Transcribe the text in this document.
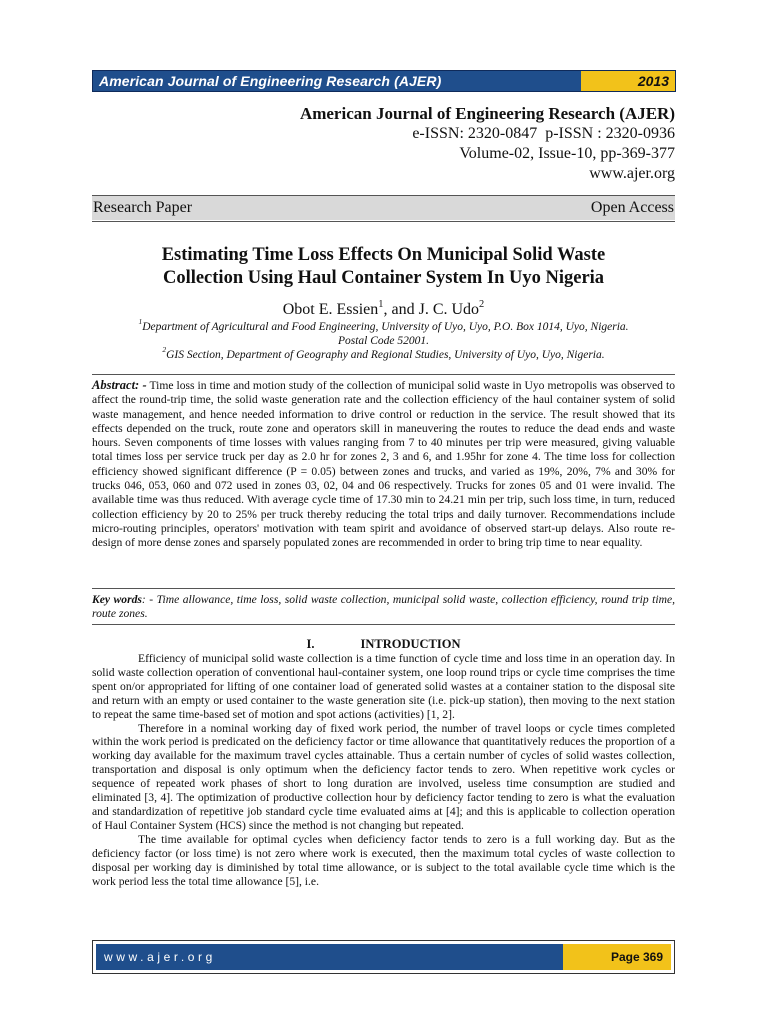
American Journal of Engineering Research (AJER)	2013
American Journal of Engineering Research (AJER)
e-ISSN: 2320-0847  p-ISSN : 2320-0936
Volume-02, Issue-10, pp-369-377
www.ajer.org
Research Paper	Open Access
Estimating Time Loss Effects On Municipal Solid Waste
Collection Using Haul Container System In Uyo Nigeria
Obot E. Essien$^1$, and J. C. Udo$^2$
$^1$Department of Agricultural and Food Engineering, University of Uyo, Uyo, P.O. Box 1014, Uyo, Nigeria.
Postal Code 52001.
$^2$GIS Section, Department of Geography and Regional Studies, University of Uyo, Uyo, Nigeria.
Abstract: - Time loss in time and motion study of the collection of municipal solid waste in Uyo metropolis was observed to affect the round-trip time, the solid waste generation rate and the collection efficiency of the haul container system of solid waste management, and hence needed information to drive control or reduction in the service. The result showed that its effects depended on the truck, route zone and operators skill in maneuvering the routes to reduce the dead ends and waste hours. Seven components of time losses with values ranging from 7 to 40 minutes per trip were measured, giving valuable total times loss per service truck per day as 2.0 hr for zones 2, 3 and 6, and 1.95hr for zone 4. The time loss for collection efficiency showed significant difference (P = 0.05) between zones and trucks, and varied as 19%, 20%, 7% and 30% for trucks 046, 053, 060 and 072 used in zones 03, 02, 04 and 06 respectively. Trucks for zones 05 and 01 were invalid. The available time was thus reduced. With average cycle time of 17.30 min to 24.21 min per trip, such loss time, in turn, reduced collection efficiency by 20 to 25% per truck thereby reducing the total trips and daily turnover. Recommendations include micro-routing principles, operators' motivation with team spirit and avoidance of observed start-up delays. Also route re-design of more dense zones and sparsely populated zones are recommended in order to bring trip time to near equality.
Key words: - Time allowance, time loss, solid waste collection, municipal solid waste, collection efficiency, round trip time, route zones.
I.	INTRODUCTION

Efficiency of municipal solid waste collection is a time function of cycle time and loss time in an operation day. In solid waste collection operation of conventional haul-container system, one loop round trips or cycle time comprises the time spent on/or appropriated for lifting of one container load of generated solid wastes at a container station to the disposal site and return with an empty or used container to the waste generation site (i.e. pick-up station), then moving to the next station to repeat the same time-based set of motion and spot actions (activities) [1, 2].

Therefore in a nominal working day of fixed work period, the number of travel loops or cycle times completed within the work period is predicated on the deficiency factor or time allowance that quantitatively reduces the proportion of a working day available for the maximum travel cycles attainable. Thus a certain number of cycles of solid wastes collection, transportation and disposal is only optimum when the deficiency factor tends to zero. When repetitive work cycles or sequence of repeated work phases of short to long duration are involved, useless time consumption are studied and eliminated [3, 4]. The optimization of productive collection hour by deficiency factor tending to zero is what the evaluation and standardization of repetitive job standard cycle time evaluated aims at [4]; and this is applicable to collection operation of Haul Container System (HCS) since the method is not changing but repeated.

The time available for optimal cycles when deficiency factor tends to zero is a full working day. But as the deficiency factor (or loss time) is not zero where work is executed, then the maximum total cycles of waste collection to disposal per working day is diminished by total time allowance, or is subject to the total available cycle time which is the work period less the total time allowance [5], i.e.

www.ajer.org	Page 369
